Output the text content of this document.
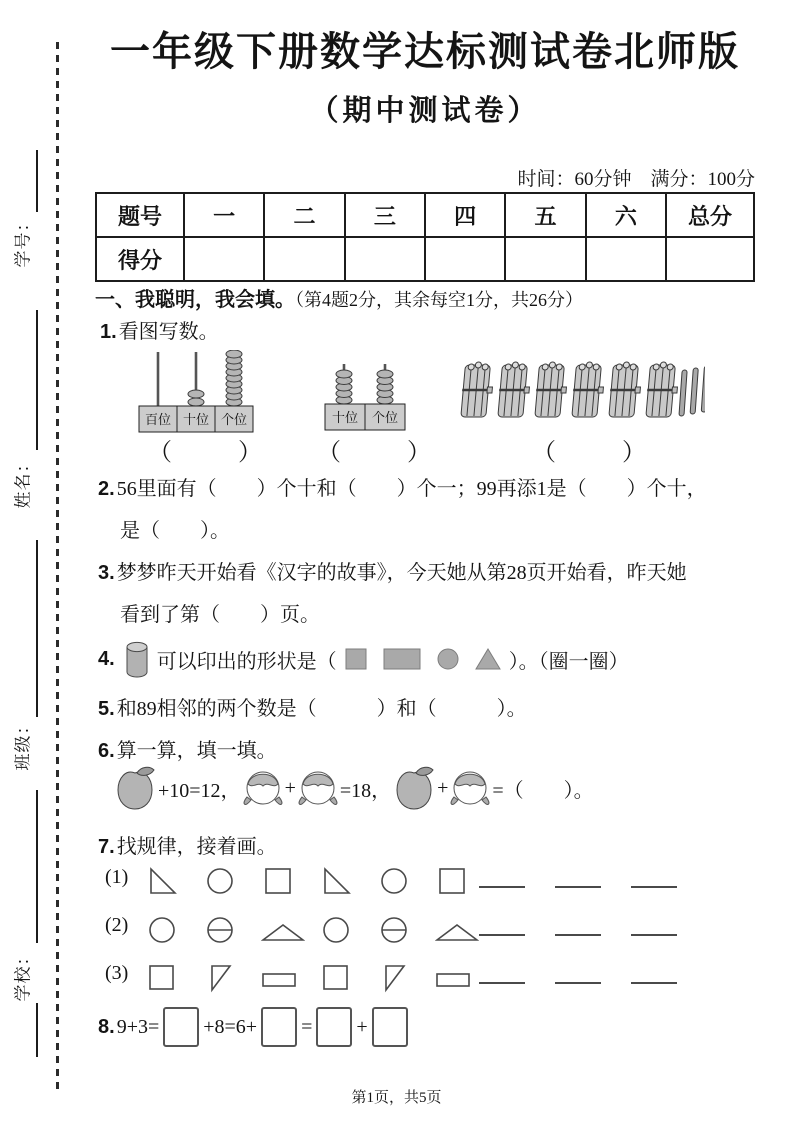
学号：
姓名：
班级：
学校：
一年级下册数学达标测试卷北师版
（期中测试卷）
时间：60分钟　满分：100分
题号	一	二	三	四	五	六	总分
得分							
一、我聪明，我会填。（第4题2分，其余每空1分，共26分）
1. 看图写数。
百位 十位 个位
（　　）
十位 个位
（　　）	（　　）
2. 56里面有（　　）个十和（　　）个一；99再添1是（　　）个十，
是（　　）。
3. 梦梦昨天开始看《汉字的故事》，今天她从第28页开始看，昨天她
看到了第（　　）页。
4. 可以印出的形状是（	）。（圈一圈）
5. 和89相邻的两个数是（　　　）和（　　　）。
6. 算一算，填一填。
+10=12， + =18， + =（　　）。
7. 找规律，接着画。
(1)
(2)
(3)
8. 9+3= +8=6+ = +
第1页，共5页
